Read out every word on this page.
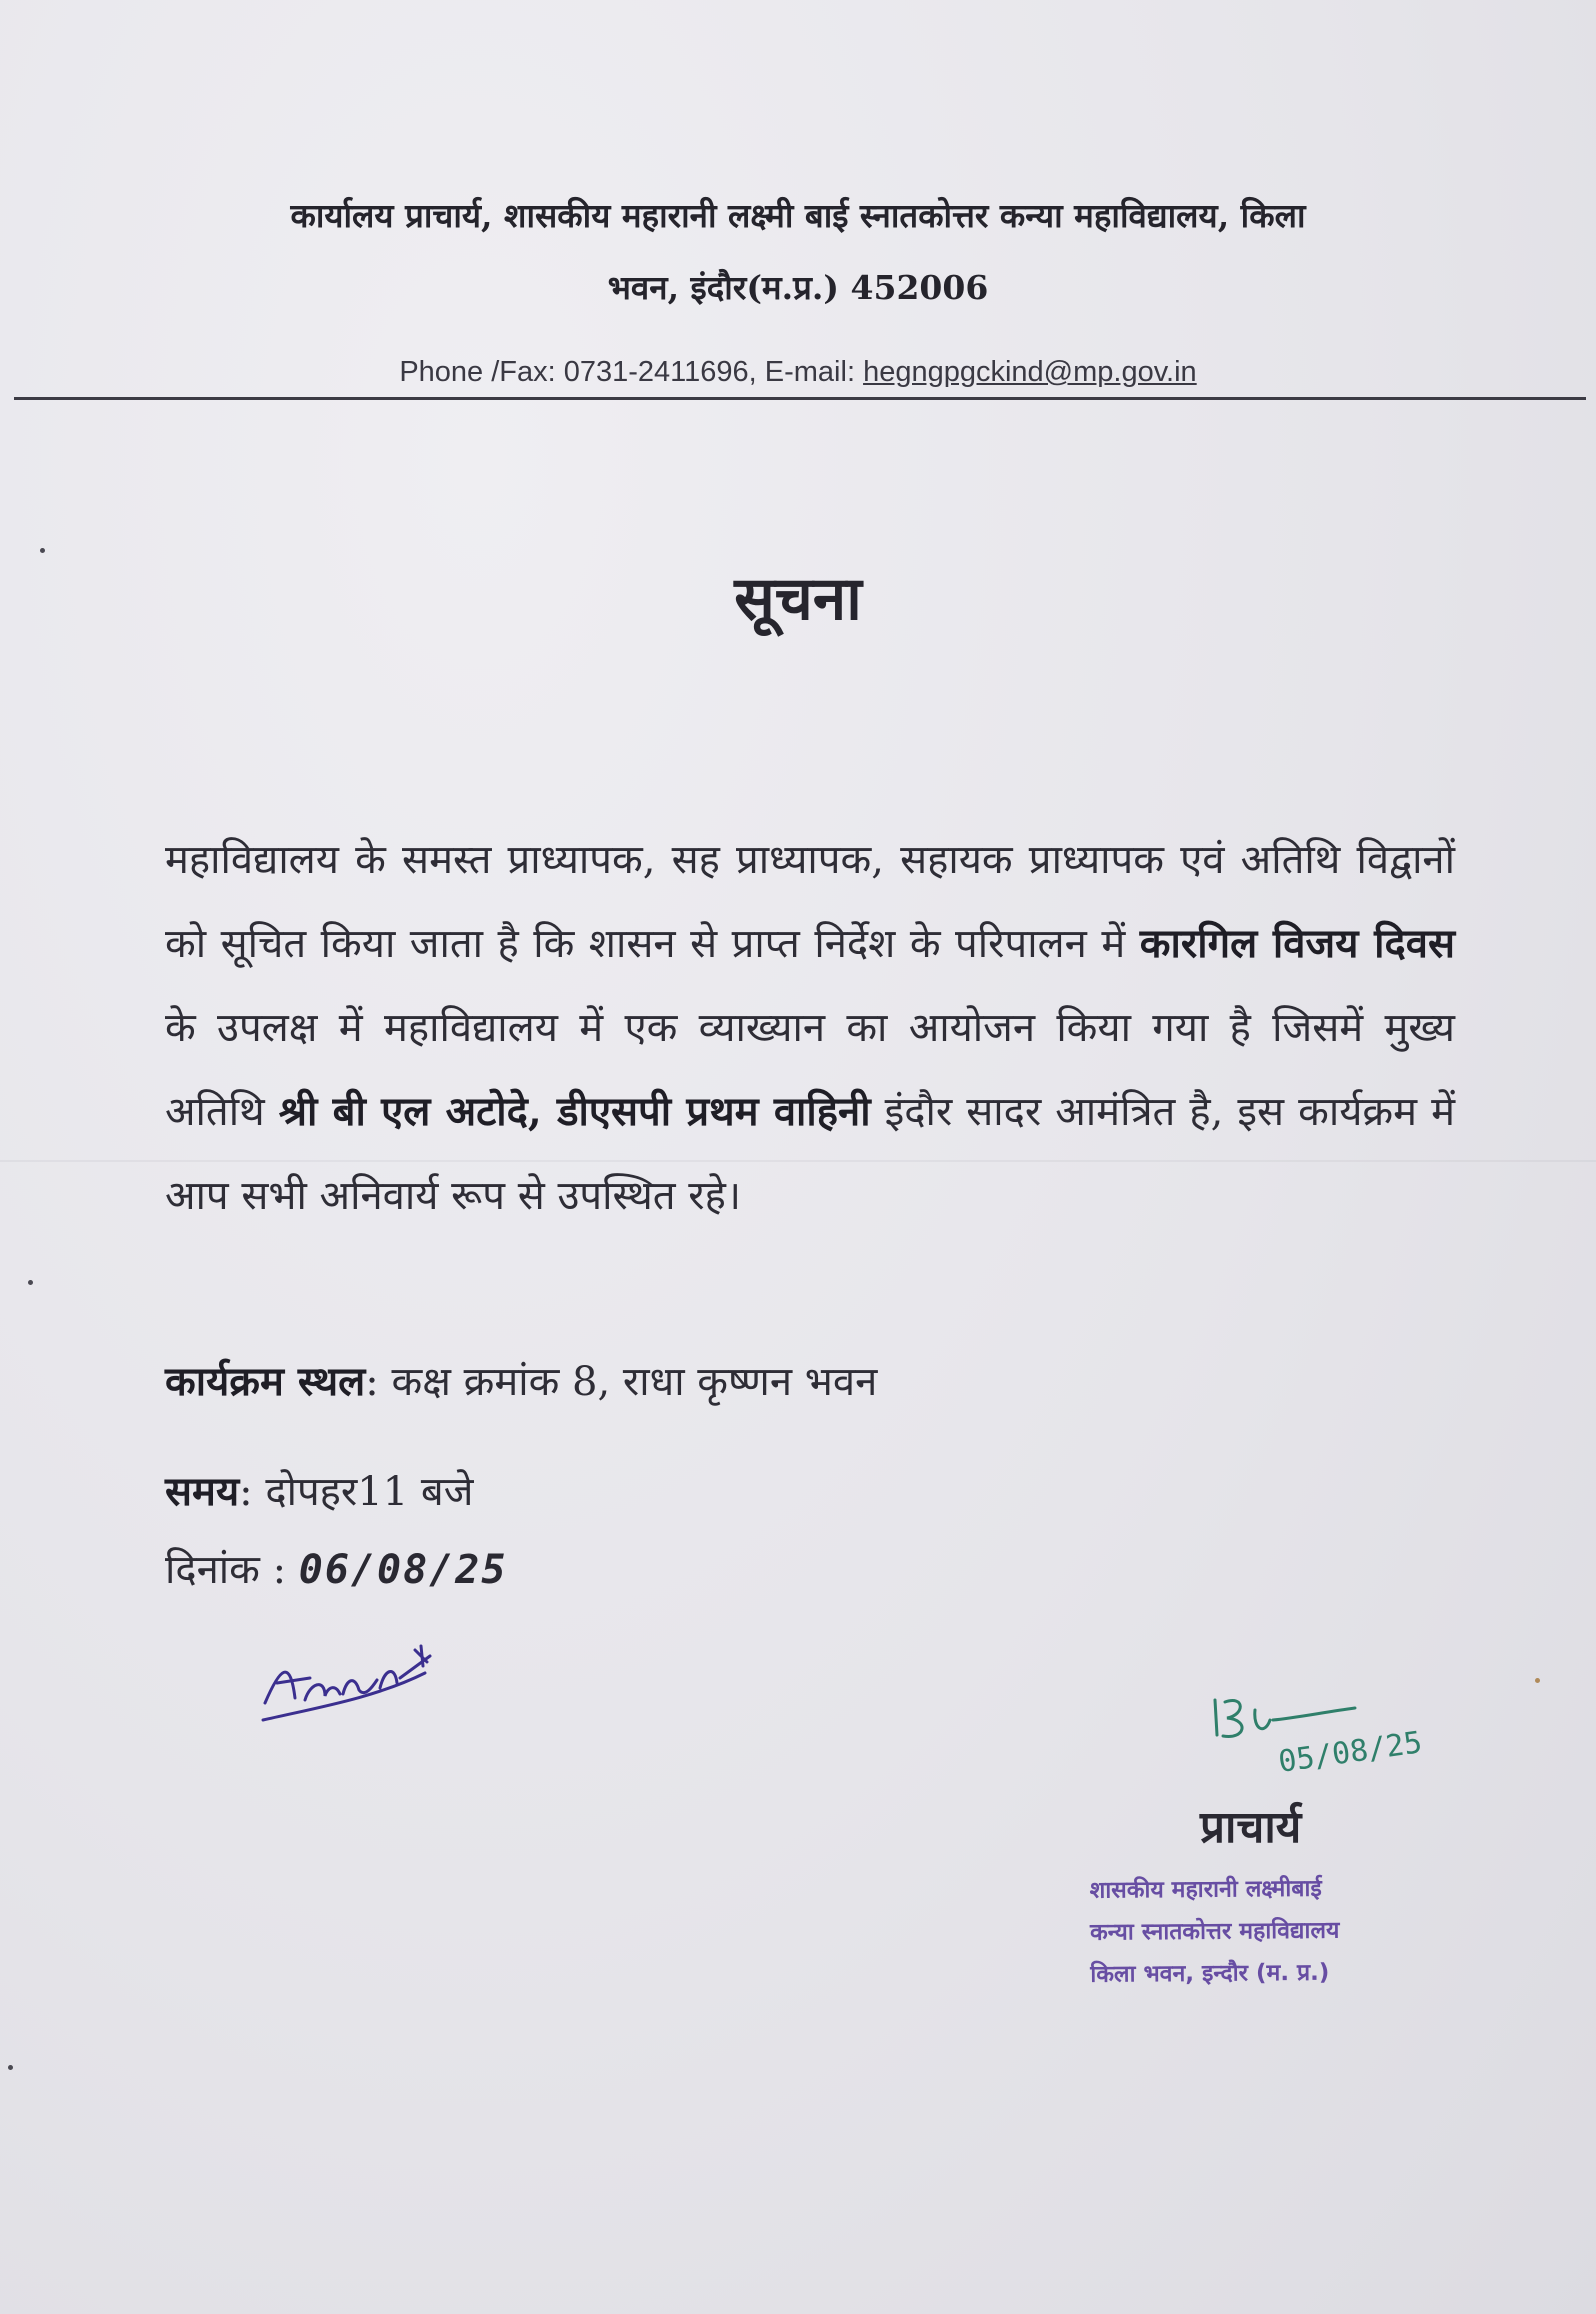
कार्यालय प्राचार्य, शासकीय महारानी लक्ष्मी बाई स्नातकोत्तर कन्या महाविद्यालय, किला
भवन, इंदौर(म.प्र.) 452006
Phone /Fax: 0731-2411696, E-mail: hegngpgckind@mp.gov.in
सूचना
महाविद्यालय के समस्त प्राध्यापक, सह प्राध्यापक, सहायक प्राध्यापक एवं अतिथि विद्वानों को सूचित किया जाता है कि शासन से प्राप्त निर्देश के परिपालन में कारगिल विजय दिवस के उपलक्ष में महाविद्यालय में एक व्याख्यान का आयोजन किया गया है जिसमें मुख्य अतिथि श्री बी एल अटोदे, डीएसपी प्रथम वाहिनी इंदौर सादर आमंत्रित है, इस कार्यक्रम में आप सभी अनिवार्य रूप से उपस्थित रहे।
कार्यक्रम स्थल: कक्ष क्रमांक 8, राधा कृष्णन भवन
समय: दोपहर11 बजे
दिनांक : 06/08/25
05/08/25
प्राचार्य
शासकीय महारानी लक्ष्मीबाई
कन्या स्नातकोत्तर महाविद्यालय
किला भवन, इन्दौर (म. प्र.)
